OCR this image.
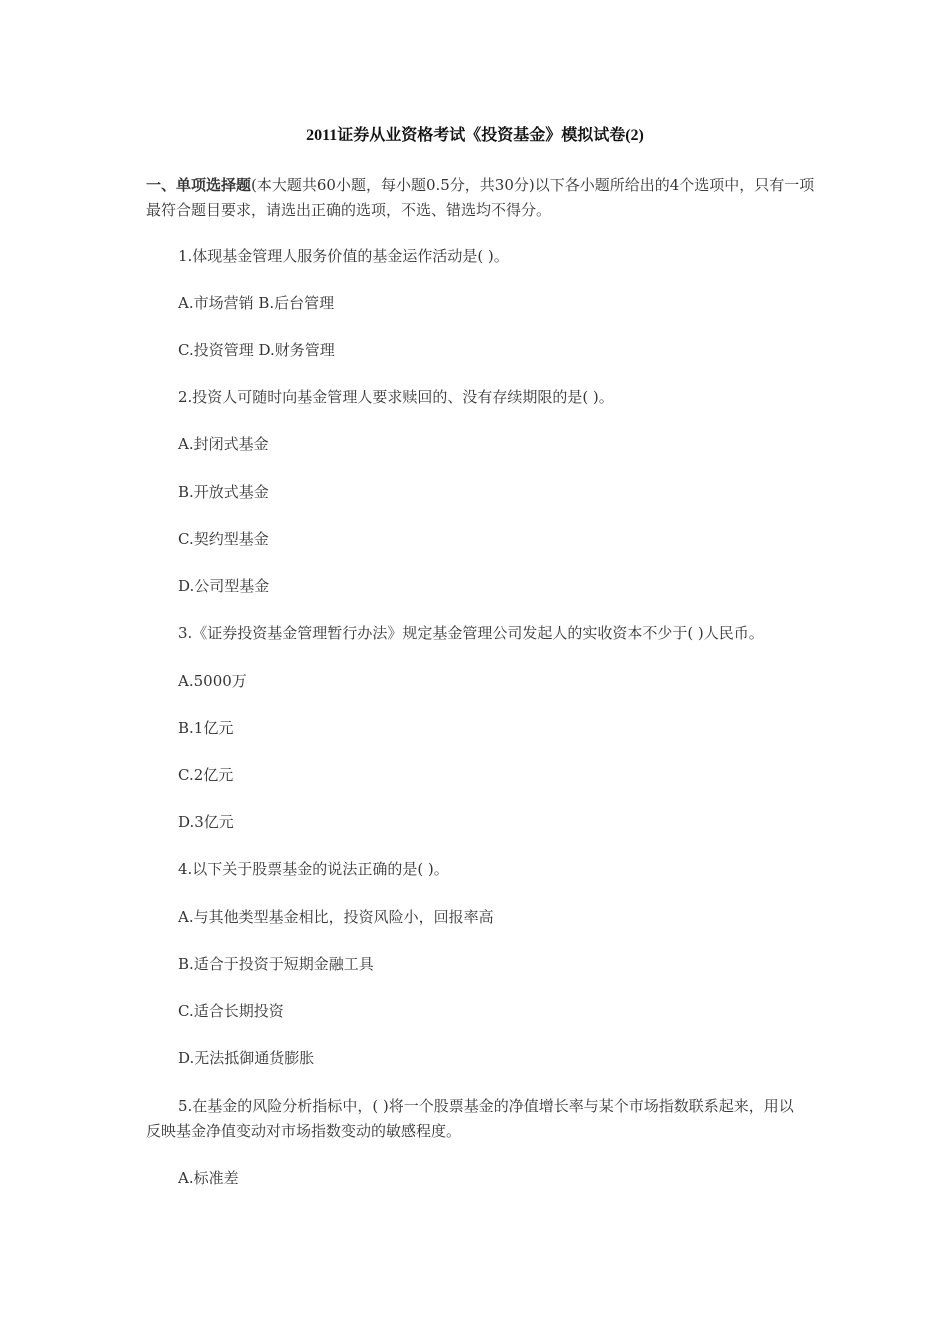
2011证券从业资格考试《投资基金》模拟试卷(2)
一、单项选择题(本大题共60小题，每小题0.5分，共30分)以下各小题所给出的4个选项中，只有一项最符合题目要求，请选出正确的选项，不选、错选均不得分。
1.体现基金管理人服务价值的基金运作活动是( )。
A.市场营销 B.后台管理
C.投资管理 D.财务管理
2.投资人可随时向基金管理人要求赎回的、没有存续期限的是( )。
A.封闭式基金
B.开放式基金
C.契约型基金
D.公司型基金
3.《证券投资基金管理暂行办法》规定基金管理公司发起人的实收资本不少于( )人民币。
A.5000万
B.1亿元
C.2亿元
D.3亿元
4.以下关于股票基金的说法正确的是( )。
A.与其他类型基金相比，投资风险小，回报率高
B.适合于投资于短期金融工具
C.适合长期投资
D.无法抵御通货膨胀
5.在基金的风险分析指标中，( )将一个股票基金的净值增长率与某个市场指数联系起来，用以反映基金净值变动对市场指数变动的敏感程度。
A.标准差
